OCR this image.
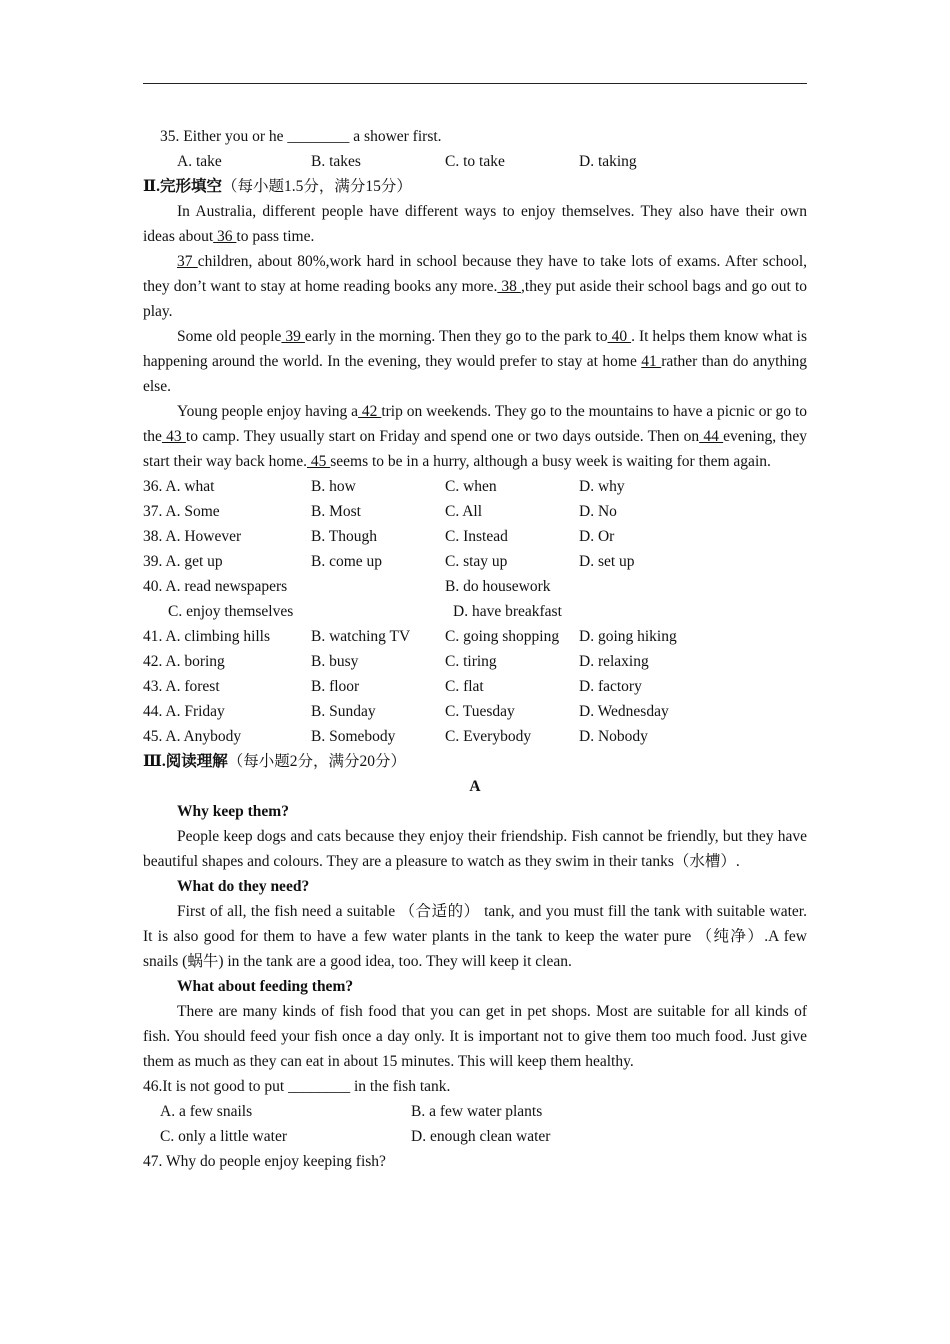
35. Either you or he ________ a shower first.
A. take	B. takes	C. to take	D. taking
Ⅱ.完形填空（每小题1.5分，满分15分）
In Australia, different people have different ways to enjoy themselves. They also have their own ideas about 36 to pass time.
37 children, about 80%,work hard in school because they have to take lots of exams. After school, they don’t want to stay at home reading books any more. 38 ,they put aside their school bags and go out to play.
Some old people 39 early in the morning. Then they go to the park to 40 . It helps them know what is happening around the world. In the evening, they would prefer to stay at home 41 rather than do anything else.
Young people enjoy having a 42 trip on weekends. They go to the mountains to have a picnic or go to the 43 to camp. They usually start on Friday and spend one or two days outside. Then on 44 evening, they start their way back home. 45 seems to be in a hurry, although a busy week is waiting for them again.
36. A. what	B. how	C. when	D. why
37. A. Some	B. Most	C. All	D. No
38. A. However	B. Though	C. Instead	D. Or
39. A. get up	B. come up	C. stay up	D. set up
40. A. read newspapers	B. do housework
C. enjoy themselves	D. have breakfast
41. A. climbing hills	B. watching TV	C. going shopping	D. going hiking
42. A. boring	B. busy	C. tiring	D. relaxing
43. A. forest	B. floor	C. flat	D. factory
44. A. Friday	B. Sunday	C. Tuesday	D. Wednesday
45. A. Anybody	B. Somebody	C. Everybody	D. Nobody
Ⅲ.阅读理解（每小题2分，满分20分）
A
Why keep them?
People keep dogs and cats because they enjoy their friendship. Fish cannot be friendly, but they have beautiful shapes and colours. They are a pleasure to watch as they swim in their tanks（水槽）.
What do they need?
First of all, the fish need a suitable （合适的） tank, and you must fill the tank with suitable water. It is also good for them to have a few water plants in the tank to keep the water pure （纯净）.A few snails (蜗牛) in the tank are a good idea, too. They will keep it clean.
What about feeding them?
There are many kinds of fish food that you can get in pet shops. Most are suitable for all kinds of fish. You should feed your fish once a day only. It is important not to give them too much food. Just give them as much as they can eat in about 15 minutes. This will keep them healthy.
46.It is not good to put ________ in the fish tank.
A. a few snails	B. a few water plants
C. only a little water	D. enough clean water
47. Why do people enjoy keeping fish?
